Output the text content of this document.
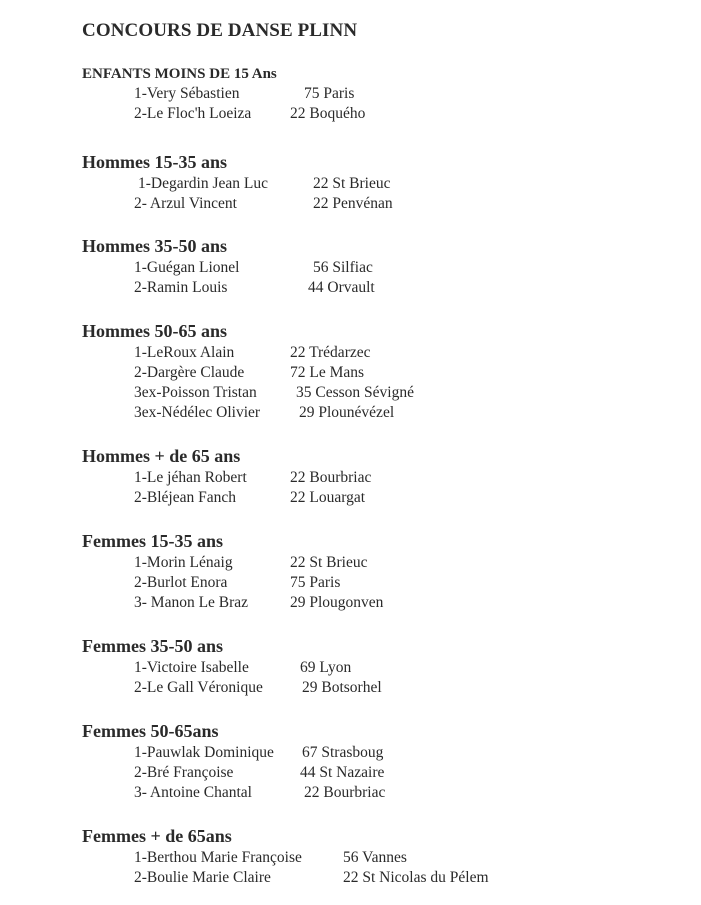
CONCOURS DE DANSE PLINN
ENFANTS MOINS DE 15 Ans
1-Very Sébastien	75 Paris
2-Le Floc'h Loeiza 22 Boquého
Hommes 15-35 ans
1-Degardin Jean Luc	22 St Brieuc
2- Arzul Vincent	22 Penvénan
Hommes 35-50 ans
1-Guégan Lionel	56 Silfiac
2-Ramin Louis	44 Orvault
Hommes 50-65 ans
1-LeRoux Alain	22 Trédarzec
2-Dargère Claude	72 Le Mans
3ex-Poisson Tristan	35 Cesson Sévigné
3ex-Nédélec Olivier	29 Plounévézel
Hommes + de 65 ans
1-Le jéhan Robert	22 Bourbriac
2-Bléjean Fanch	22 Louargat
Femmes 15-35 ans
1-Morin Lénaig	22 St Brieuc
2-Burlot Enora	75 Paris
3- Manon Le Braz	29 Plougonven
Femmes 35-50 ans
1-Victoire Isabelle	69 Lyon
2-Le Gall Véronique	29 Botsorhel
Femmes 50-65ans
1-Pauwlak Dominique 67 Strasboug
2-Bré Françoise	44 St Nazaire
3- Antoine Chantal	22 Bourbriac
Femmes + de 65ans
1-Berthou Marie Françoise	56 Vannes
2-Boulie Marie Claire	22 St Nicolas du Pélem
